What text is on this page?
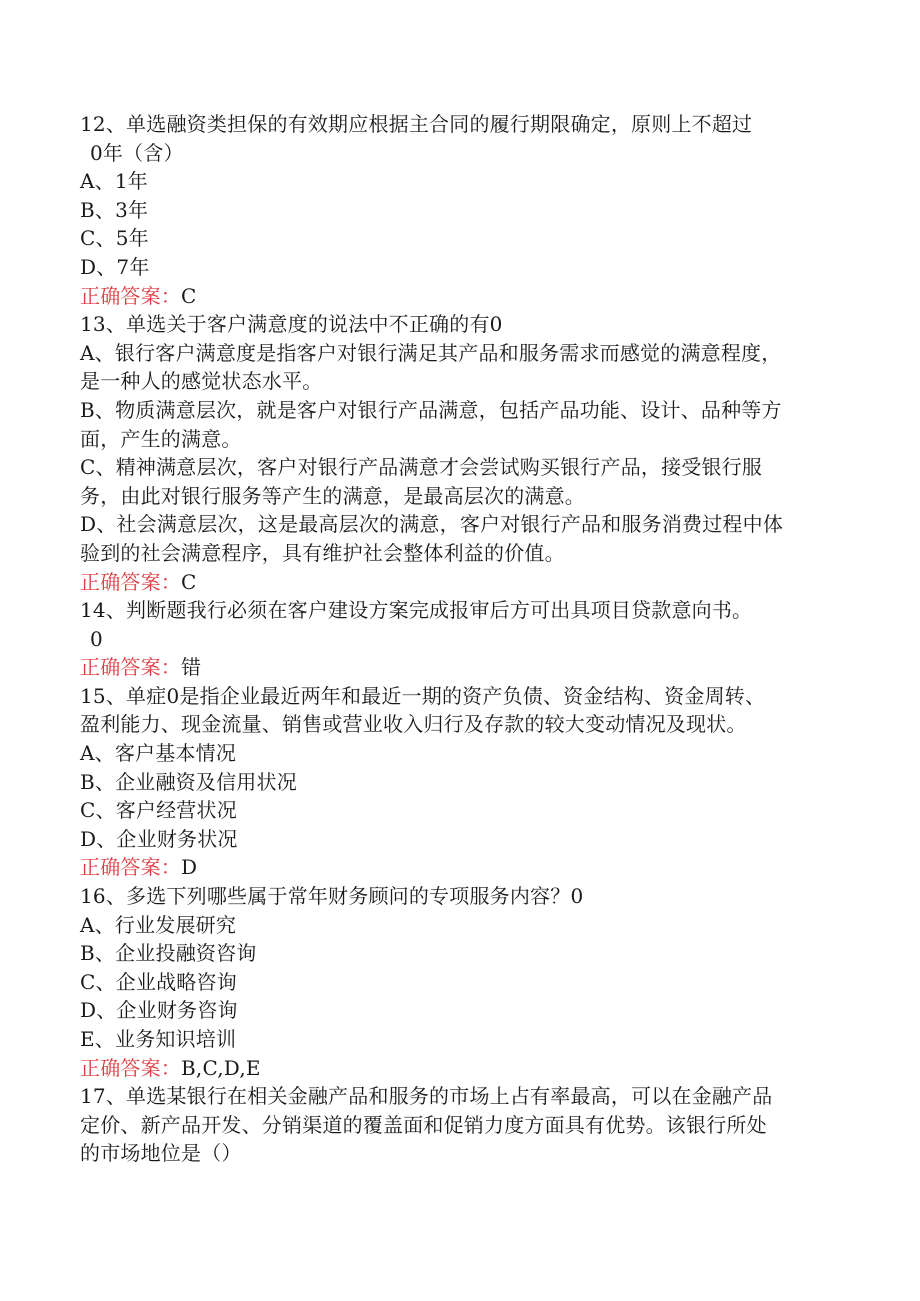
12、单选融资类担保的有效期应根据主合同的履行期限确定，原则上不超过
0年（含）
A、1年
B、3年
C、5年
D、7年
正确答案：C
13、单选关于客户满意度的说法中不正确的有0
A、银行客户满意度是指客户对银行满足其产品和服务需求而感觉的满意程度，
是一种人的感觉状态水平。
B、物质满意层次，就是客户对银行产品满意，包括产品功能、设计、品种等方
面，产生的满意。
C、精神满意层次，客户对银行产品满意才会尝试购买银行产品，接受银行服
务，由此对银行服务等产生的满意，是最高层次的满意。
D、社会满意层次，这是最高层次的满意，客户对银行产品和服务消费过程中体
验到的社会满意程序，具有维护社会整体利益的价值。
正确答案：C
14、判断题我行必须在客户建设方案完成报审后方可出具项目贷款意向书。
0
正确答案：错
15、单症0是指企业最近两年和最近一期的资产负债、资金结构、资金周转、
盈利能力、现金流量、销售或营业收入归行及存款的较大变动情况及现状。
A、客户基本情况
B、企业融资及信用状况
C、客户经营状况
D、企业财务状况
正确答案：D
16、多选下列哪些属于常年财务顾问的专项服务内容？0
A、行业发展研究
B、企业投融资咨询
C、企业战略咨询
D、企业财务咨询
E、业务知识培训
正确答案：B,C,D,E
17、单选某银行在相关金融产品和服务的市场上占有率最高，可以在金融产品
定价、新产品开发、分销渠道的覆盖面和促销力度方面具有优势。该银行所处
的市场地位是（）
